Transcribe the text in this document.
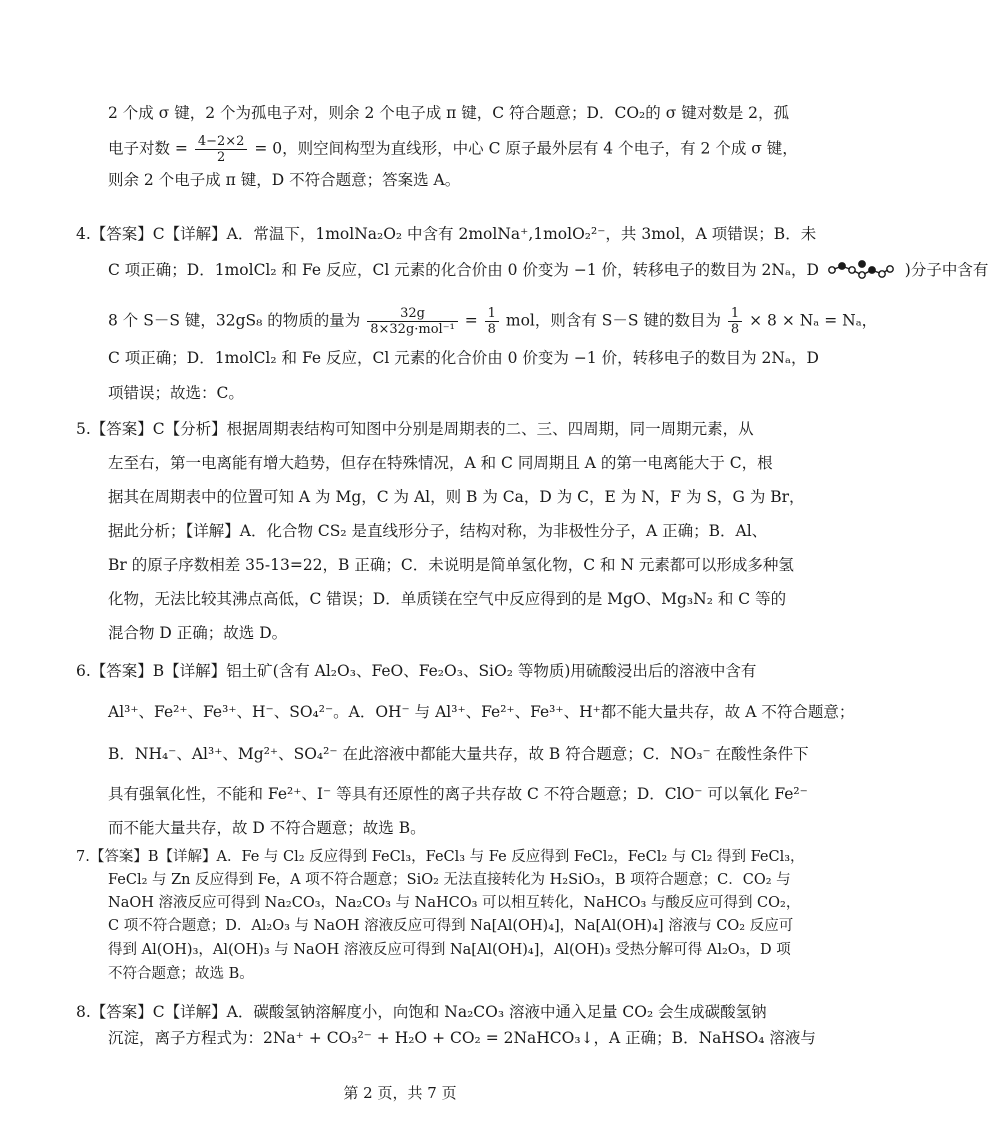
2 个成 σ 键，2 个为孤电子对，则余 2 个电子成 π 键，C 符合题意；D．CO₂的 σ 键对数是 2，孤
则余 2 个电子成 π 键，D 不符合题意；答案选 A。
4.【答案】C【详解】A．常温下，1molNa₂O₂ 中含有 2molNa⁺,1molO₂²⁻，共 3mol，A 项错误；B．未
C 项正确；D．1molCl₂ 和 Fe 反应，Cl 元素的化合价由 0 价变为 −1 价，转移电子的数目为 2Nₐ，D
项错误；故选：C。
5.【答案】C【分析】根据周期表结构可知图中分别是周期表的二、三、四周期，同一周期元素，从
左至右，第一电离能有增大趋势，但存在特殊情况，A 和 C 同周期且 A 的第一电离能大于 C，根
据其在周期表中的位置可知 A 为 Mg，C 为 Al，则 B 为 Ca，D 为 C，E 为 N，F 为 S，G 为 Br，
据此分析；【详解】A．化合物 CS₂ 是直线形分子，结构对称，为非极性分子，A 正确；B．Al、
Br 的原子序数相差 35-13=22，B 正确；C．未说明是简单氢化物，C 和 N 元素都可以形成多种氢
化物，无法比较其沸点高低，C 错误；D．单质镁在空气中反应得到的是 MgO、Mg₃N₂ 和 C 等的
混合物 D 正确；故选 D。
6.【答案】B【详解】铝土矿(含有 Al₂O₃、FeO、Fe₂O₃、SiO₂ 等物质)用硫酸浸出后的溶液中含有
Al³⁺、Fe²⁺、Fe³⁺、H⁻、SO₄²⁻。A．OH⁻ 与 Al³⁺、Fe²⁺、Fe³⁺、H⁺都不能大量共存，故 A 不符合题意；
B．NH₄⁻、Al³⁺、Mg²⁺、SO₄²⁻ 在此溶液中都能大量共存，故 B 符合题意；C．NO₃⁻ 在酸性条件下
具有强氧化性，不能和 Fe²⁺、I⁻ 等具有还原性的离子共存故 C 不符合题意；D．ClO⁻ 可以氧化 Fe²⁻
而不能大量共存，故 D 不符合题意；故选 B。
7.【答案】B【详解】A．Fe 与 Cl₂ 反应得到 FeCl₃，FeCl₃ 与 Fe 反应得到 FeCl₂，FeCl₂ 与 Cl₂ 得到 FeCl₃，
FeCl₂ 与 Zn 反应得到 Fe，A 项不符合题意；SiO₂ 无法直接转化为 H₂SiO₃，B 项符合题意；C．CO₂ 与
NaOH 溶液反应可得到 Na₂CO₃，Na₂CO₃ 与 NaHCO₃ 可以相互转化，NaHCO₃ 与酸反应可得到 CO₂，
C 项不符合题意；D．Al₂O₃ 与 NaOH 溶液反应可得到 Na[Al(OH)₄]，Na[Al(OH)₄] 溶液与 CO₂ 反应可
得到 Al(OH)₃，Al(OH)₃ 与 NaOH 溶液反应可得到 Na[Al(OH)₄]，Al(OH)₃ 受热分解可得 Al₂O₃，D 项
不符合题意；故选 B。
8.【答案】C【详解】A．碳酸氢钠溶解度小，向饱和 Na₂CO₃ 溶液中通入足量 CO₂ 会生成碳酸氢钠
沉淀，离子方程式为：2Na⁺ + CO₃²⁻ + H₂O + CO₂ = 2NaHCO₃↓，A 正确；B．NaHSO₄ 溶液与
电子对数 = $\frac{4-2\times 2}{2} = 0$，则空间构型为直线形，中心 C 原子最外层有 4 个电子，有 2 个成 σ 键，
C 项正确；D．1molCl₂ 和 Fe 反应，Cl 元素的化合价由 0 价变为 −1 价，转移电子的数目为 2Nₐ，D	)分子中含有
8 个 S－S 键，32gS₈ 的物质的量为 $\frac{32g}{\text{8×32g·mol⁻¹}} = \frac{1}{8}$ mol，则含有 S－S 键的数目为 $\frac{1}{8} \times 8 \times N_a = N_a$，
第 2 页，共 7 页
